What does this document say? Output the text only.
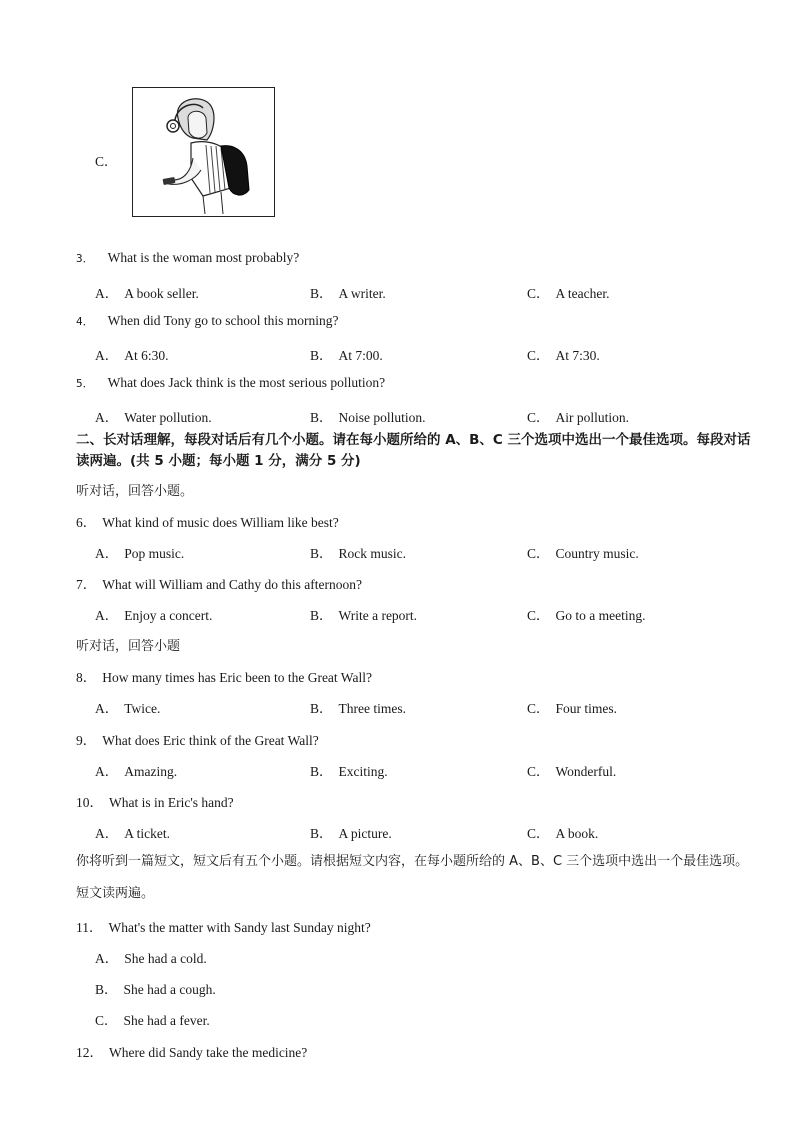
C．
3． What is the woman most probably?
A． A book seller.	B． A writer.	C． A teacher.
4． When did Tony go to school this morning?
A． At 6:30.	B． At 7:00.	C． At 7:30.
5． What does Jack think is the most serious pollution?
A． Water pollution.	B． Noise pollution.	C． Air pollution.
二、长对话理解，每段对话后有几个小题。请在每小题所给的 A、B、C 三个选项中选出一个最佳选项。每段对话读两遍。(共 5 小题；每小题 1 分，满分 5 分)
听对话，回答小题。
6． What kind of music does William like best?
A． Pop music.	B． Rock music.	C． Country music.
7． What will William and Cathy do this afternoon?
A． Enjoy a concert.	B． Write a report.	C． Go to a meeting.
听对话，回答小题
8． How many times has Eric been to the Great Wall?
A． Twice.	B． Three times.	C． Four times.
9． What does Eric think of the Great Wall?
A． Amazing.	B． Exciting.	C． Wonderful.
10． What is in Eric's hand?
A． A ticket.	B． A picture.	C． A book.
你将听到一篇短文，短文后有五个小题。请根据短文内容，在每小题所给的 A、B、C 三个选项中选出一个最佳选项。短文读两遍。
11． What's the matter with Sandy last Sunday night?
A． She had a cold.
B． She had a cough.
C． She had a fever.
12． Where did Sandy take the medicine?
